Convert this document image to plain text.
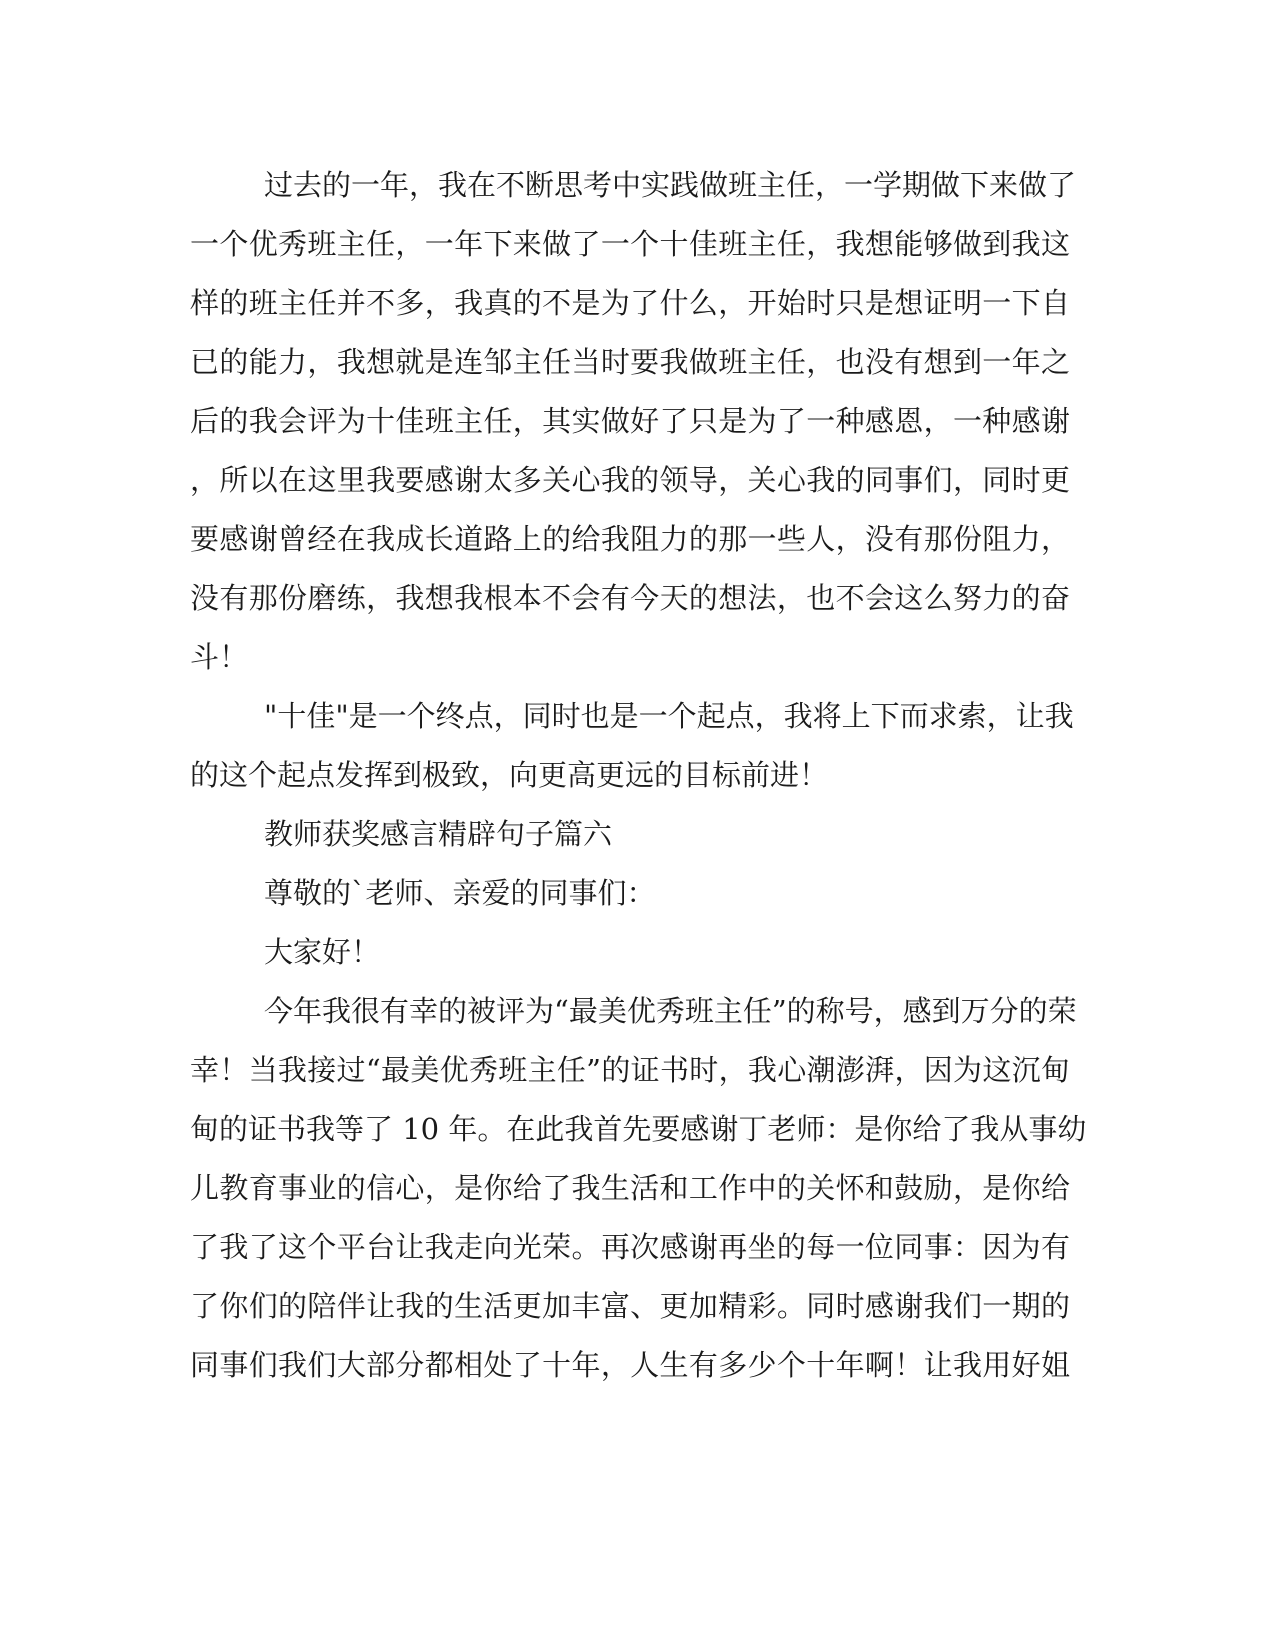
过去的一年，我在不断思考中实践做班主任，一学期做下来做了
一个优秀班主任，一年下来做了一个十佳班主任，我想能够做到我这
样的班主任并不多，我真的不是为了什么，开始时只是想证明一下自
已的能力，我想就是连邹主任当时要我做班主任，也没有想到一年之
后的我会评为十佳班主任，其实做好了只是为了一种感恩，一种感谢
，所以在这里我要感谢太多关心我的领导，关心我的同事们，同时更
要感谢曾经在我成长道路上的给我阻力的那一些人，没有那份阻力，
没有那份磨练，我想我根本不会有今天的想法，也不会这么努力的奋
斗！
"十佳"是一个终点，同时也是一个起点，我将上下而求索，让我
的这个起点发挥到极致，向更高更远的目标前进！
教师获奖感言精辟句子篇六
尊敬的`老师、亲爱的同事们：
大家好！
今年我很有幸的被评为“最美优秀班主任”的称号，感到万分的荣
幸！当我接过“最美优秀班主任”的证书时，我心潮澎湃，因为这沉甸
甸的证书我等了 10 年。在此我首先要感谢丁老师：是你给了我从事幼
儿教育事业的信心，是你给了我生活和工作中的关怀和鼓励，是你给
了我了这个平台让我走向光荣。再次感谢再坐的每一位同事：因为有
了你们的陪伴让我的生活更加丰富、更加精彩。同时感谢我们一期的
同事们我们大部分都相处了十年，人生有多少个十年啊！让我用好姐
